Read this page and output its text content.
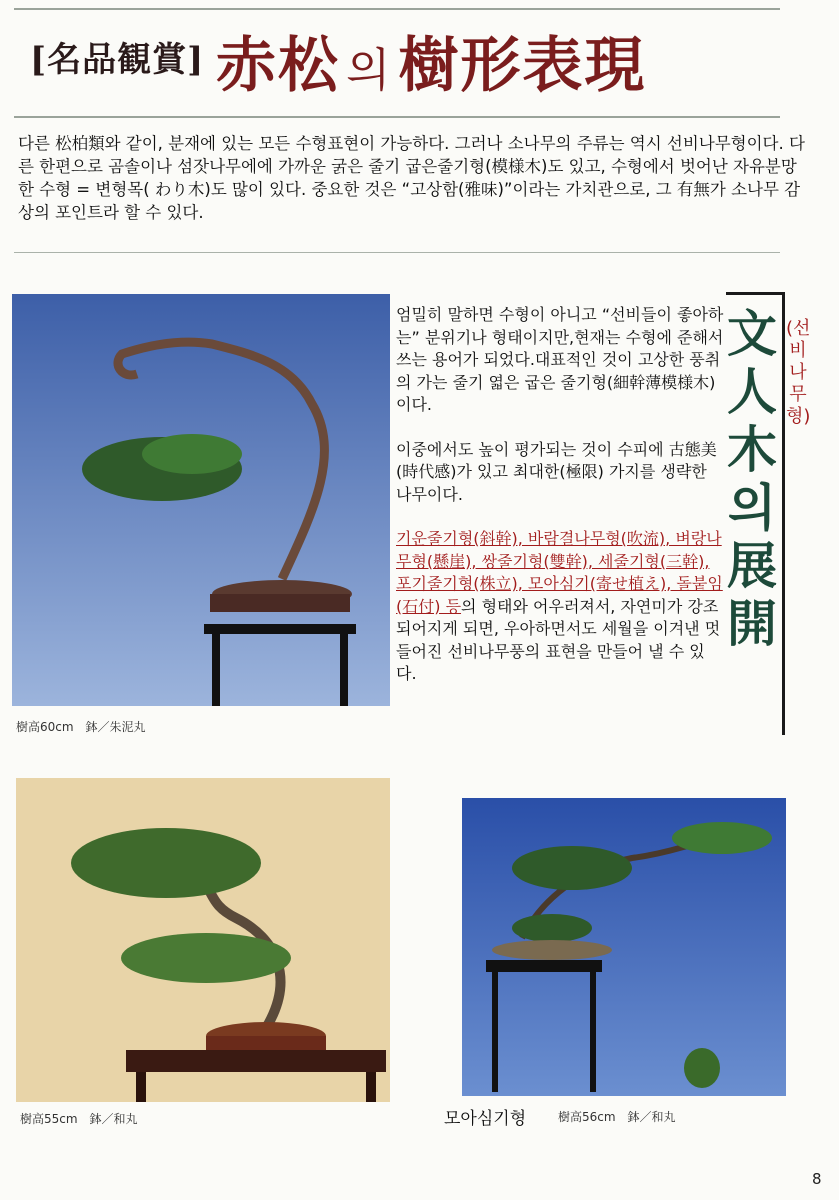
[名品観賞] 赤松 의 樹形表現

다른 松柏類와 같이, 분재에 있는 모든 수형표현이 가능하다. 그러나 소나무의 주류는 역시 선비나무형이다. 다른 한편으로 곰솔이나 섬잣나무에에 가까운 굵은 줄기 굽은줄기형(模様木)도 있고, 수형에서 벗어난 자유분망한 수형 = 변형목( わり木)도 많이 있다. 중요한 것은 “고상함(雅味)”이라는 가치관으로, 그 有無가 소나무 감상의 포인트라 할 수 있다.

樹高60cm　鉢／朱泥丸
樹高55cm　鉢／和丸	모아심기형	樹高56cm　鉢／和丸

엄밀히 말하면 수형이 아니고 “선비들이 좋아하는” 분위기나 형태이지만,현재는 수형에 준해서 쓰는 용어가 되었다.대표적인 것이 고상한 풍취의 가는 줄기 엷은 굽은 줄기형(細幹薄模様木)이다.

이중에서도 높이 평가되는 것이 수피에 古態美(時代感)가 있고 최대한(極限) 가지를 생략한 나무이다.

기운줄기형(斜幹), 바람결나무형(吹流), 벼랑나무형(懸崖), 쌍줄기형(雙幹), 세줄기형(三幹), 포기줄기형(株立), 모아심기(寄せ植え), 돌붙임(石付) 등의 형태와 어우러져서, 자연미가 강조되어지게 되면, 우아하면서도 세월을 이겨낸 멋들어진 선비나무풍의 표현을 만들어 낼 수 있다.

文人木의展開
(선비나무형)
8
